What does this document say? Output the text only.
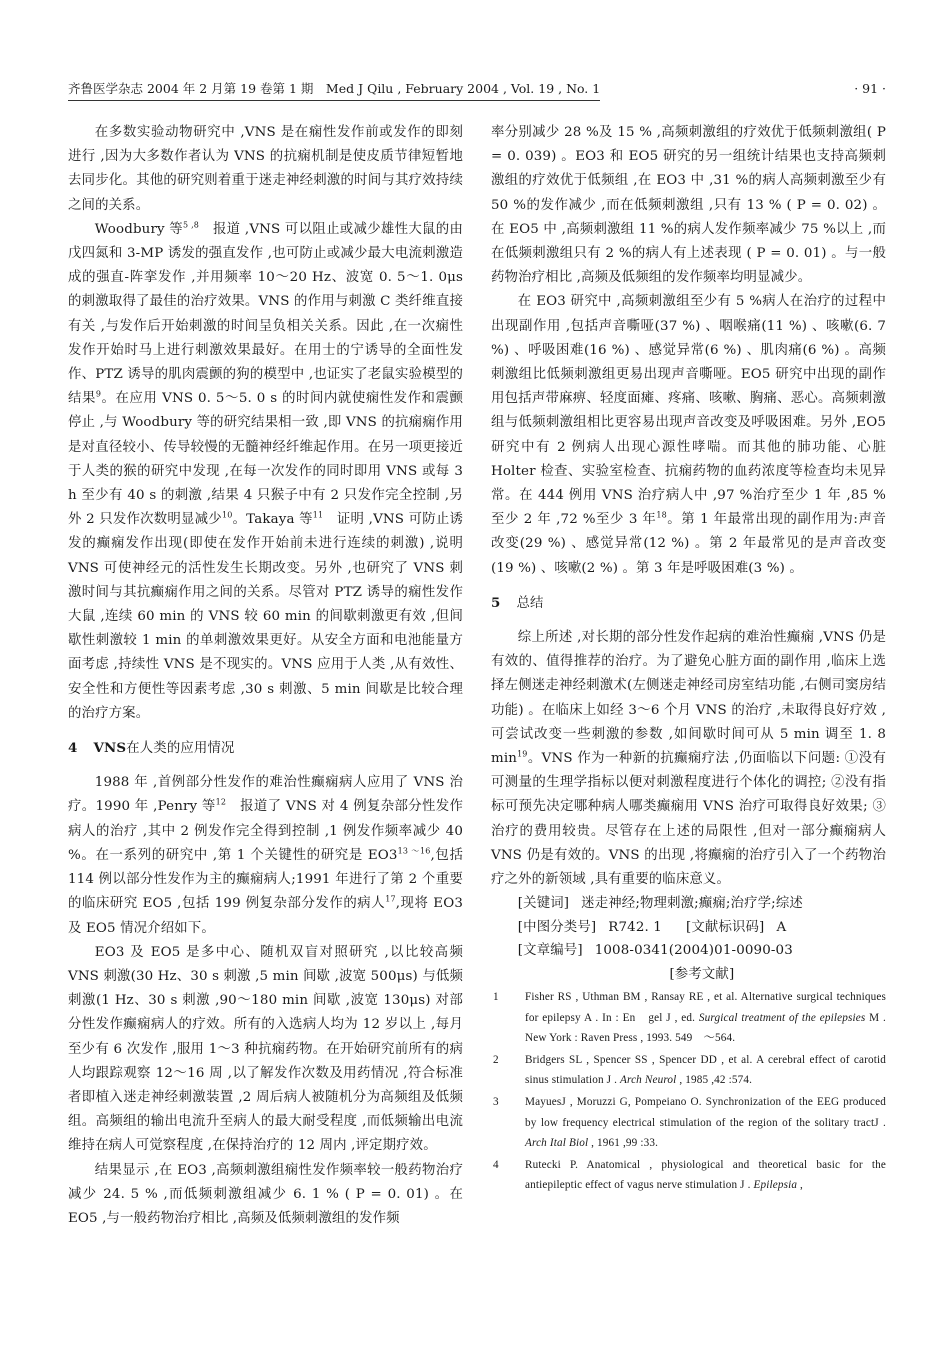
齐鲁医学杂志 2004 年 2 月第 19 卷第 1 期　Med J Qilu , February 2004 , Vol. 19 , No. 1	· 91 ·

在多数实验动物研究中 ,VNS 是在痫性发作前或发作的即刻进行 ,因为大多数作者认为 VNS 的抗痫机制是使皮质节律短暂地去同步化。其他的研究则着重于迷走神经刺激的时间与其疗效持续之间的关系。

Woodbury 等$^{5 ,8}$　 报道 ,VNS 可以阻止或减少雄性大鼠的由戊四氮和 3-MP 诱发的强直发作 ,也可防止或减少最大电流刺激造成的强直-阵挛发作 ,并用频率 10～20 Hz、波宽 0. 5～1. 0μs 的刺激取得了最佳的治疗效果。VNS 的作用与刺激 C 类纤维直接有关 ,与发作后开始刺激的时间呈负相关关系。因此 ,在一次痫性发作开始时马上进行刺激效果最好。在用士的宁诱导的全面性发作、PTZ 诱导的肌肉震颤的狗的模型中 ,也证实了老鼠实验模型的结果$^9$。在应用 VNS 0. 5～5. 0 s 的时间内就使痫性发作和震颤停止 ,与 Woodbury 等的研究结果相一致 ,即 VNS 的抗痫痫作用是对直径较小、传导较慢的无髓神经纤维起作用。在另一项更接近于人类的猴的研究中发现 ,在每一次发作的同时即用 VNS 或每 3 h 至少有 40 s 的刺激 ,结果 4 只猴子中有 2 只发作完全控制 ,另外 2 只发作次数明显减少$^{10}$。Takaya 等$^{11}$　 证明 ,VNS 可防止诱发的癫痫发作出现(即使在发作开始前未进行连续的刺激) ,说明 VNS 可使神经元的活性发生长期改变。另外 ,也研究了 VNS 刺激时间与其抗癫痫作用之间的关系。尽管对 PTZ 诱导的痫性发作大鼠 ,连续 60 min 的 VNS 较 60 min 的间歇刺激更有效 ,但间歇性刺激较 1 min 的单刺激效果更好。从安全方面和电池能量方面考虑 ,持续性 VNS 是不现实的。VNS 应用于人类 ,从有效性、安全性和方便性等因素考虑 ,30 s 刺激、5 min 间歇是比较合理的治疗方案。

4 VNS在人类的应用情况

1988 年 ,首例部分性发作的难治性癫痫病人应用了 VNS 治疗。1990 年 ,Penry 等$^{12}$　 报道了 VNS 对 4 例复杂部分性发作病人的治疗 ,其中 2 例发作完全得到控制 ,1 例发作频率减少 40 %。在一系列的研究中 ,第 1 个关键性的研究是 $EO3^{13 \sim 16}$,包括 114 例以部分性发作为主的癫痫病人;1991 年进行了第 2 个重要的临床研究 EO5 ,包括 199 例复杂部分发作的病人$^{17}$,现将 EO3 及 EO5 情况介绍如下。

EO3 及 EO5 是多中心、随机双盲对照研究 ,以比较高频 VNS 刺激(30 Hz、30 s 刺激 ,5 min 间歇 ,波宽 500μs) 与低频刺激(1 Hz、30 s 刺激 ,90～180 min 间歇 ,波宽 130μs) 对部分性发作癫痫病人的疗效。所有的入选病人均为 12 岁以上 ,每月至少有 6 次发作 ,服用 1～3 种抗痫药物。在开始研究前所有的病人均跟踪观察 12～16 周 ,以了解发作次数及用药情况 ,符合标准者即植入迷走神经刺激装置 ,2 周后病人被随机分为高频组及低频组。高频组的输出电流升至病人的最大耐受程度 ,而低频输出电流维持在病人可觉察程度 ,在保持治疗的 12 周内 ,评定期疗效。

结果显示 ,在 EO3 ,高频刺激组痫性发作频率较一般药物治疗减少 24. 5 % ,而低频刺激组减少 6. 1 % ( P = 0. 01) 。在 EO5 ,与一般药物治疗相比 ,高频及低频刺激组的发作频

率分别减少 28 %及 15 % ,高频刺激组的疗效优于低频刺激组( P = 0. 039) 。EO3 和 EO5 研究的另一组统计结果也支持高频刺激组的疗效优于低频组 ,在 EO3 中 ,31 %的病人高频刺激至少有 50 %的发作减少 ,而在低频刺激组 ,只有 13 % ( P = 0. 02) 。在 EO5 中 ,高频刺激组 11 %的病人发作频率减少 75 %以上 ,而在低频刺激组只有 2 %的病人有上述表现 ( P = 0. 01) 。与一般药物治疗相比 ,高频及低频组的发作频率均明显减少。

在 EO3 研究中 ,高频刺激组至少有 5 %病人在治疗的过程中出现副作用 ,包括声音嘶哑(37 %) 、咽喉痛(11 %) 、咳嗽(6. 7 %) 、呼吸困难(16 %) 、感觉异常(6 %) 、肌肉痛(6 %) 。高频刺激组比低频刺激组更易出现声音嘶哑。EO5 研究中出现的副作用包括声带麻痹、轻度面瘫、疼痛、咳嗽、胸痛、恶心。高频刺激组与低频刺激组相比更容易出现声音改变及呼吸困难。另外 ,EO5 研究中有 2 例病人出现心源性哮喘。而其他的肺功能、心脏 Holter 检查、实验室检查、抗痫药物的血药浓度等检查均未见异常。在 444 例用 VNS 治疗病人中 ,97 %治疗至少 1 年 ,85 %至少 2 年 ,72 %至少 3 年$^{18}$。第 1 年最常出现的副作用为:声音改变(29 %) 、感觉异常(12 %) 。第 2 年最常见的是声音改变(19 %) 、咳嗽(2 %) 。第 3 年是呼吸困难(3 %) 。

5 总结

综上所述 ,对长期的部分性发作起病的难治性癫痫 ,VNS 仍是有效的、值得推荐的治疗。为了避免心脏方面的副作用 ,临床上选择左侧迷走神经刺激术(左侧迷走神经司房室结功能 ,右侧司窦房结功能) 。在临床上如经 3～6 个月 VNS 的治疗 ,未取得良好疗效 ,可尝试改变一些刺激的参数 ,如间歇时间可从 5 min 调至 1. 8 $\min^{19}$。VNS 作为一种新的抗癫痫疗法 ,仍面临以下问题: ①没有可测量的生理学指标以便对刺激程度进行个体化的调控; ②没有指标可预先决定哪种病人哪类癫痫用 VNS 治疗可取得良好效果; ③治疗的费用较贵。尽管存在上述的局限性 ,但对一部分癫痫病人 VNS 仍是有效的。VNS 的出现 ,将癫痫的治疗引入了一个药物治疗之外的新领域 ,具有重要的临床意义。

[关键词] 迷走神经;物理刺激;癫痫;治疗学;综述

[中图分类号] R742. 1 [文献标识码] A

[文章编号] 1008-0341(2004)01-0090-03

[参考文献]

1 Fisher RS , Uthman BM , Ransay RE , et al. Alternative surgical techniques for epilepsy A . In : En　gel J , ed. Surgical treatment of the epilepsies M . New York : Raven Press , 1993. 549　～564.
2 Bridgers SL , Spencer SS , Spencer DD , et al. A cerebral effect of carotid sinus stimulation J . Arch Neurol , 1985 ,42 :574.
3 MayuesJ , Moruzzi G, Pompeiano O. Synchronization of the EEG produced by low frequency electrical stimulation of the region of the solitary tractJ . Arch Ital Biol , 1961 ,99 :33.
4 Rutecki P. Anatomical , physiological and theoretical basic for the antiepileptic effect of vagus nerve stimulation J . Epilepsia ,
